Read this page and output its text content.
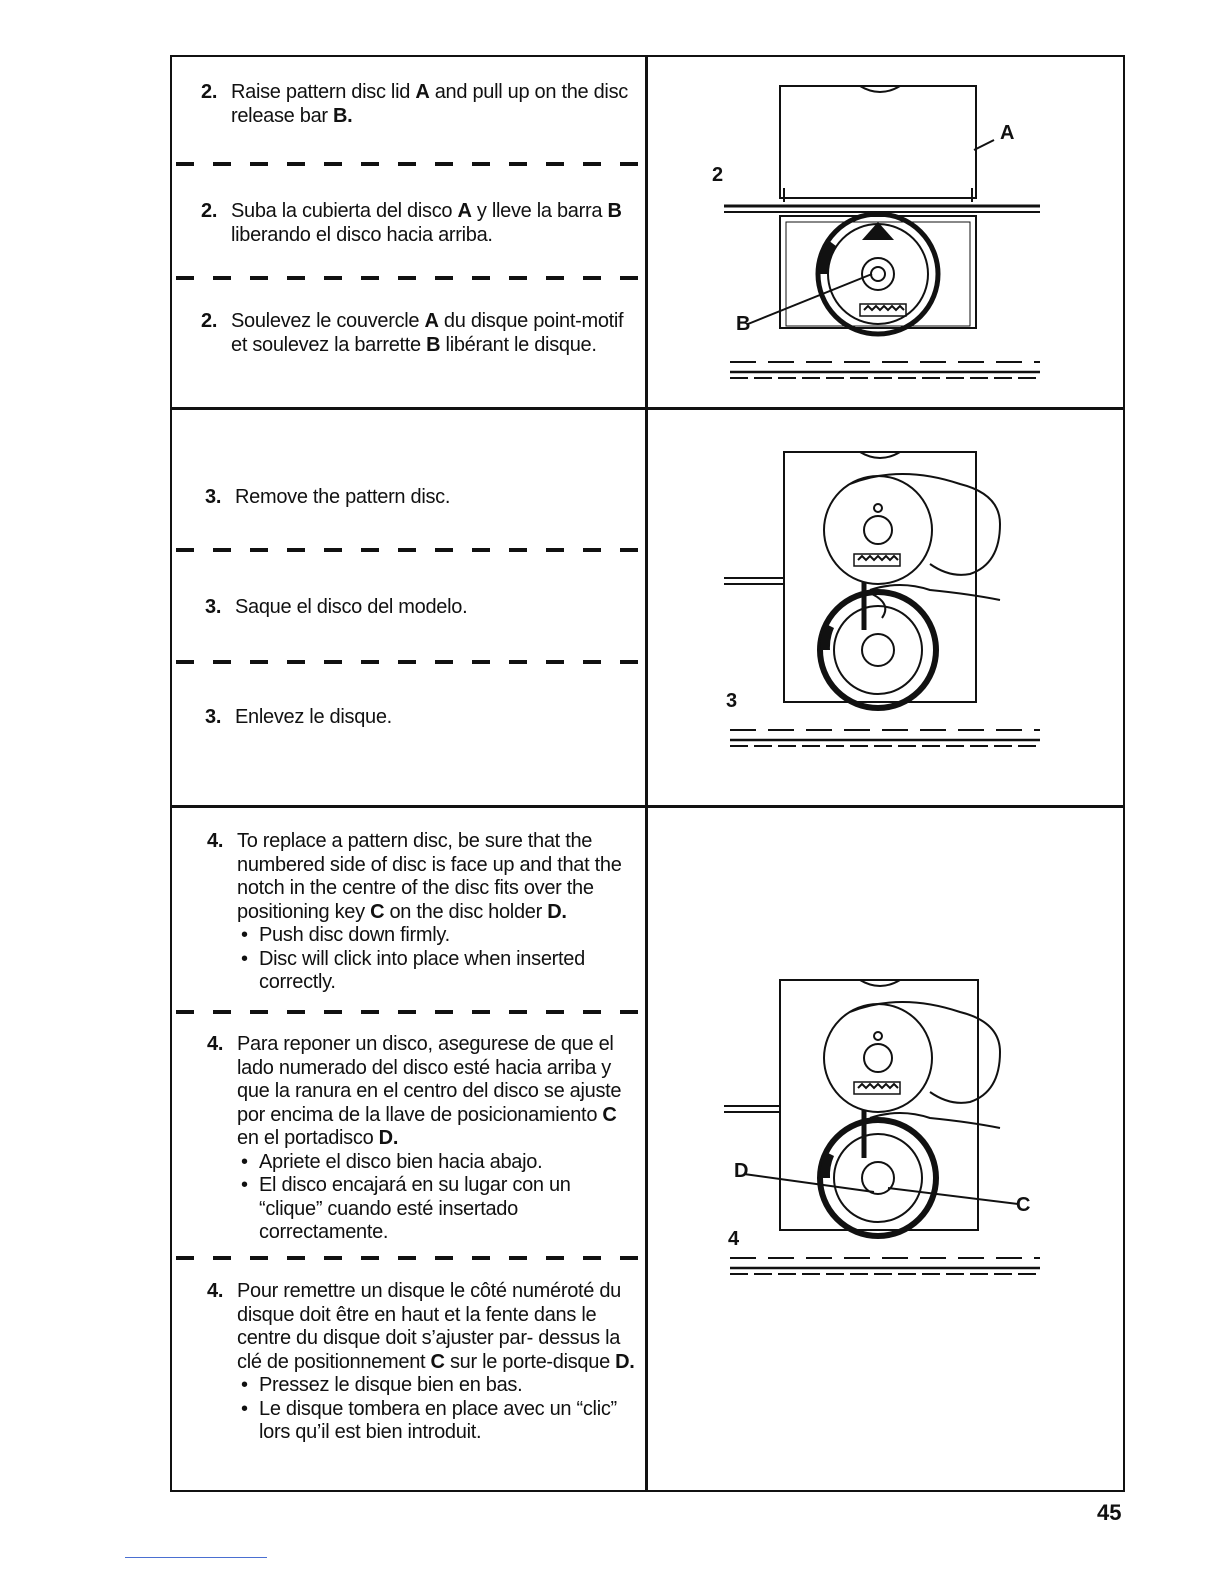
2. Raise pattern disc lid A and pull up on the disc release bar B.
2. Suba la cubierta del disco A y lleve la barra B liberando el disco hacia arriba.
2. Soulevez le couvercle A du disque point-motif et soulevez la barrette B libérant le disque.
2
A
B
3. Remove the pattern disc.
3. Saque el disco del modelo.
3. Enlevez le disque.
3
4. To replace a pattern disc, be sure that the numbered side of disc is face up and that the notch in the centre of the disc fits over the positioning key C on the disc holder D.
• Push disc down firmly.
• Disc will click into place when inserted correctly.
4. Para reponer un disco, asegurese de que el lado numerado del disco esté hacia arriba y que la ranura en el centro del disco se ajuste por encima de la llave de posicionamiento C en el portadisco D.
• Apriete el disco bien hacia abajo.
• El disco encajará en su lugar con un “clique” cuando esté insertado correctamente.
4. Pour remettre un disque le côté numéroté du disque doit être en haut et la fente dans le centre du disque doit s’ajuster par- dessus la clé de positionnement C sur le porte-disque D.
• Pressez le disque bien en bas.
• Le disque tombera en place avec un “clic” lors qu’il est bien introduit.
D
C
4
45
